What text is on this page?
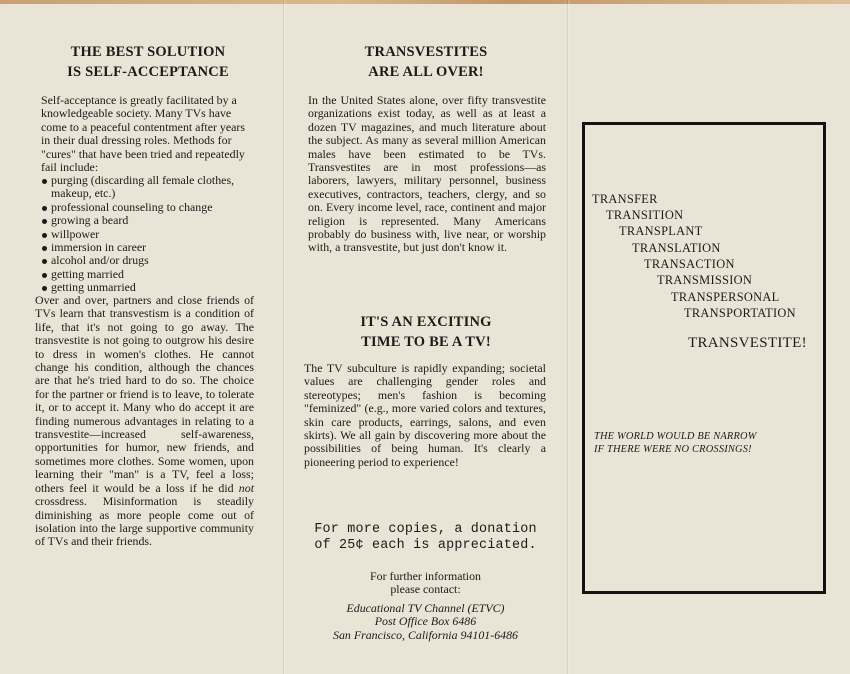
THE BEST SOLUTION
IS SELF-ACCEPTANCE
Self-acceptance is greatly facilitated by a
knowledgeable society. Many TVs have
come to a peaceful contentment after years
in their dual dressing roles. Methods for
"cures" that have been tried and repeatedly
fail include:
purging (discarding all female clothes,
makeup, etc.)
professional counseling to change
growing a beard
willpower
immersion in career
alcohol and/or drugs
getting married
getting unmarried
Over and over, partners and close friends of TVs learn that transvestism is a condition of life, that it's not going to go away. The transvestite is not going to outgrow his desire to dress in women's clothes. He cannot change his condition, although the chances are that he's tried hard to do so. The choice for the partner or friend is to leave, to tolerate it, or to accept it. Many who do accept it are finding numerous advantages in relating to a transvestite—increased self-awareness, opportunities for humor, new friends, and sometimes more clothes. Some women, upon learning their "man" is a TV, feel a loss; others feel it would be a loss if he did not crossdress. Misinformation is steadily diminishing as more people come out of isolation into the large supportive community of TVs and their friends.
TRANSVESTITES
ARE ALL OVER!
In the United States alone, over fifty transvestite organizations exist today, as well as at least a dozen TV magazines, and much literature about the subject. As many as several million American males have been estimated to be TVs. Transvestites are in most professions—as laborers, lawyers, military personnel, business executives, contractors, teachers, clergy, and so on. Every income level, race, continent and major religion is represented. Many Americans probably do business with, live near, or worship with, a transvestite, but just don't know it.
IT'S AN EXCITING
TIME TO BE A TV!
The TV subculture is rapidly expanding; societal values are challenging gender roles and stereotypes; men's fashion is becoming "feminized" (e.g., more varied colors and textures, skin care products, earrings, salons, and even skirts). We all gain by discovering more about the possibilities of being human. It's clearly a pioneering period to experience!
For more copies, a donation
of 25¢ each is appreciated.
For further information
please contact:
Educational TV Channel (ETVC)
Post Office Box 6486
San Francisco, California 94101-6486
TRANSFER
TRANSITION
TRANSPLANT
TRANSLATION
TRANSACTION
TRANSMISSION
TRANSPERSONAL
TRANSPORTATION
TRANSVESTITE!
THE WORLD WOULD BE NARROW
IF THERE WERE NO CROSSINGS!
